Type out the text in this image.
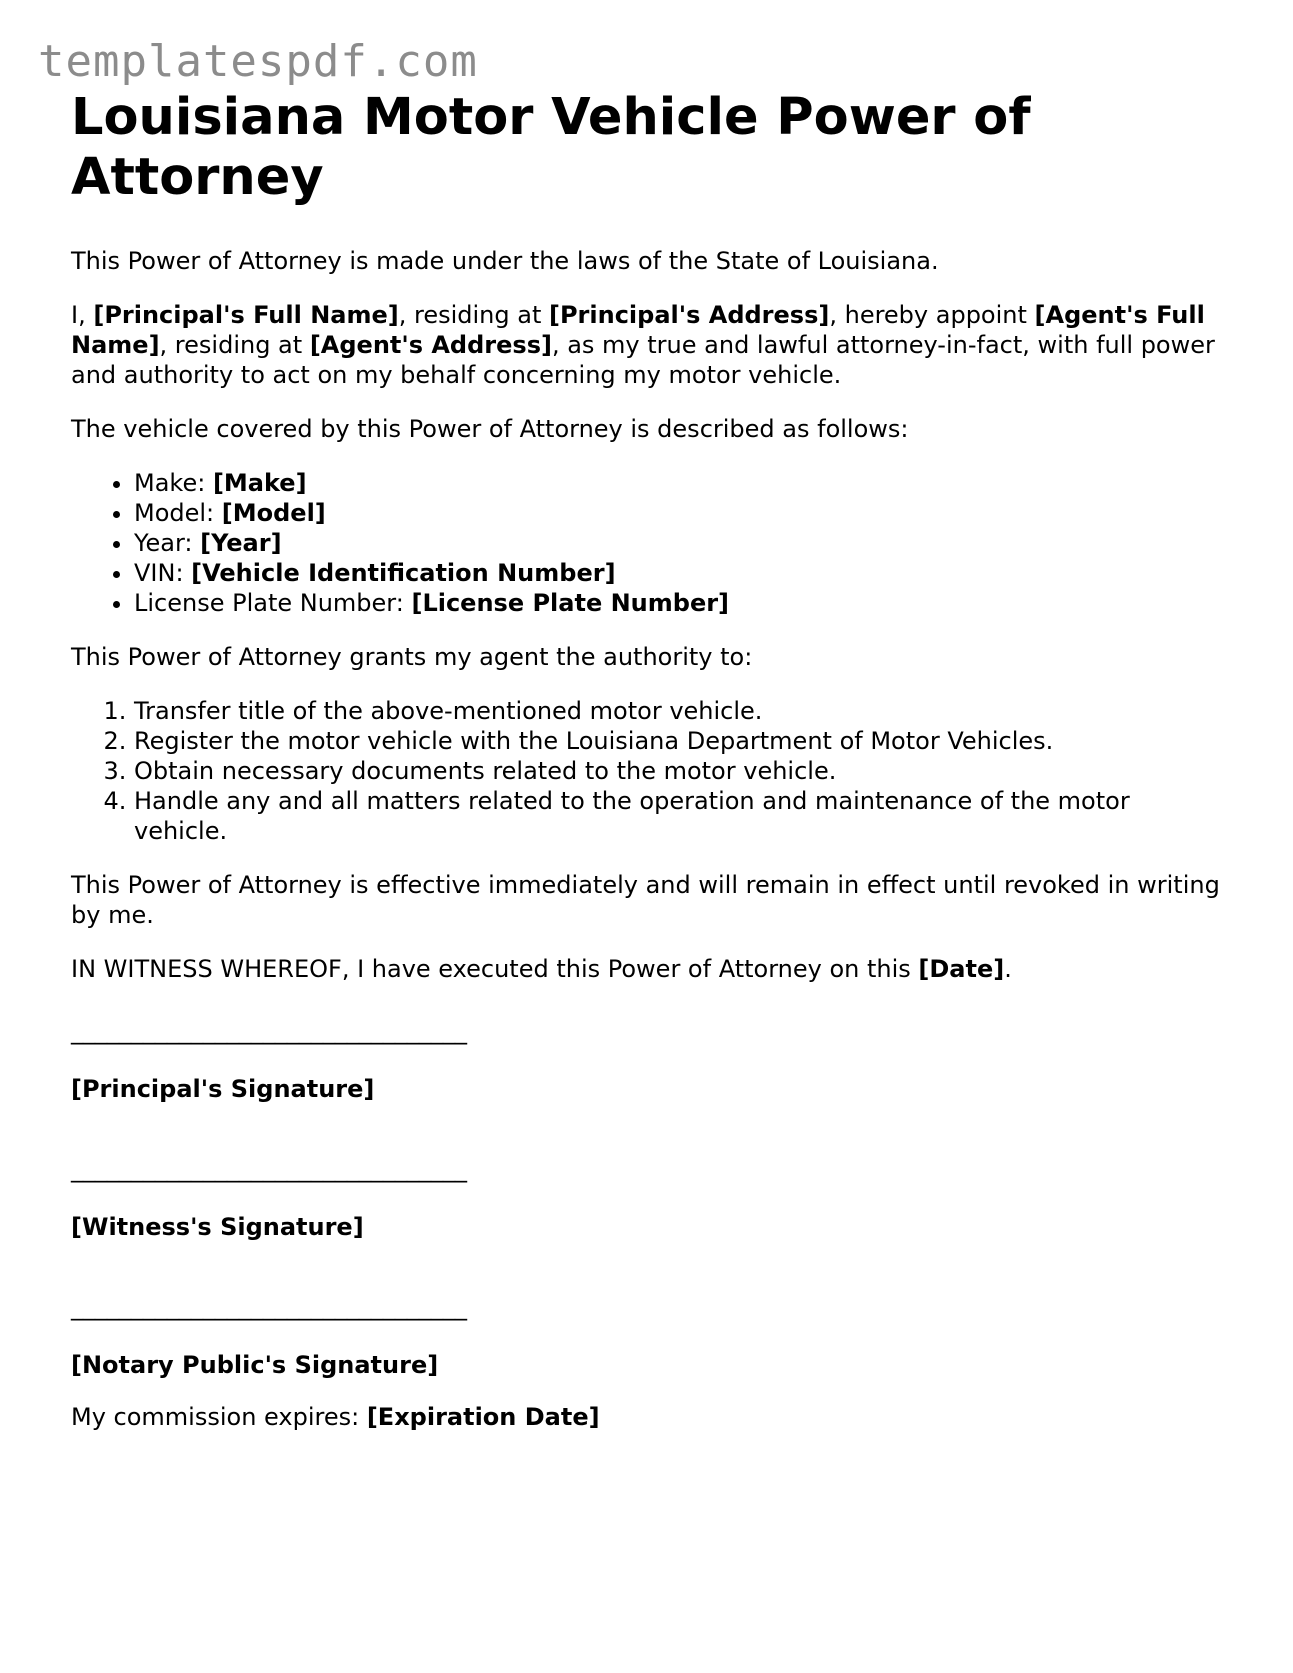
templatespdf.com
Louisiana Motor Vehicle Power of Attorney

This Power of Attorney is made under the laws of the State of Louisiana.

I, [Principal's Full Name], residing at [Principal's Address], hereby appoint [Agent's Full Name], residing at [Agent's Address], as my true and lawful attorney-in-fact, with full power and authority to act on my behalf concerning my motor vehicle.

The vehicle covered by this Power of Attorney is described as follows:

• Make: [Make]
• Model: [Model]
• Year: [Year]
• VIN: [Vehicle Identification Number]
• License Plate Number: [License Plate Number]

This Power of Attorney grants my agent the authority to:

1. Transfer title of the above-mentioned motor vehicle.
2. Register the motor vehicle with the Louisiana Department of Motor Vehicles.
3. Obtain necessary documents related to the motor vehicle.
4. Handle any and all matters related to the operation and maintenance of the motor vehicle.

This Power of Attorney is effective immediately and will remain in effect until revoked in writing by me.

IN WITNESS WHEREOF, I have executed this Power of Attorney on this [Date].

_________________________________
[Principal's Signature]
_________________________________
[Witness's Signature]
_________________________________
[Notary Public's Signature]

My commission expires: [Expiration Date]
